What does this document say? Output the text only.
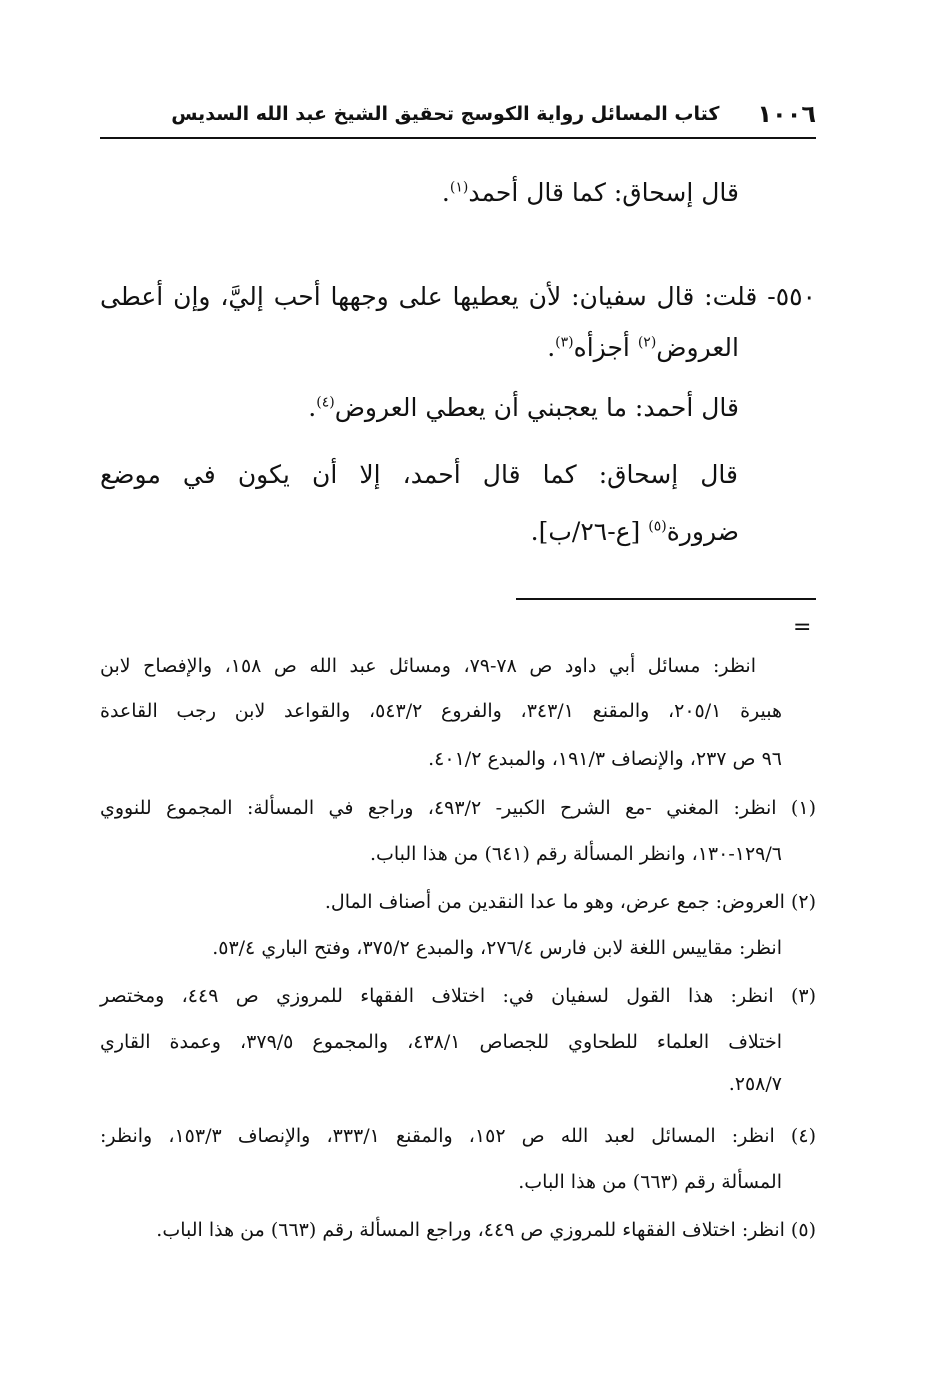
١٠٠٦
كتاب المسائل رواية الكوسج تحقيق الشيخ عبد الله السديس
قال إسحاق: كما قال أحمد$^{(١)}$.
٥٥٠- قلت: قال سفيان: لأن يعطيها على وجهها أحب إليَّ، وإن أعطى
العروض$^{(٢)}$ أجزأه$^{(٣)}$.
قال أحمد: ما يعجبني أن يعطي العروض$^{(٤)}$.
قال إسحاق: كما قال أحمد، إلا أن يكون في موضع
ضرورة$^{(٥)}$ [ع-٢٦/ب].
=
انظر: مسائل أبي داود ص ٧٨-٧٩، ومسائل عبد الله ص ١٥٨، والإفصاح لابن
هبيرة ٢٠٥/١، والمقنع ٣٤٣/١، والفروع ٥٤٣/٢، والقواعد لابن رجب القاعدة
٩٦ ص ٢٣٧، والإنصاف ١٩١/٣، والمبدع ٤٠١/٢.
(١) انظر: المغني -مع الشرح الكبير- ٤٩٣/٢، وراجع في المسألة: المجموع للنووي
١٢٩/٦-١٣٠، وانظر المسألة رقم (٦٤١) من هذا الباب.
(٢) العروض: جمع عرض، وهو ما عدا النقدين من أصناف المال.
انظر: مقاييس اللغة لابن فارس ٢٧٦/٤، والمبدع ٣٧٥/٢، وفتح الباري ٥٣/٤.
(٣) انظر: هذا القول لسفيان في: اختلاف الفقهاء للمروزي ص ٤٤٩، ومختصر
اختلاف العلماء للطحاوي للجصاص ٤٣٨/١، والمجموع ٣٧٩/٥، وعمدة القاري
٢٥٨/٧.
(٤) انظر: المسائل لعبد الله ص ١٥٢، والمقنع ٣٣٣/١، والإنصاف ١٥٣/٣، وانظر:
المسألة رقم (٦٦٣) من هذا الباب.
(٥) انظر: اختلاف الفقهاء للمروزي ص ٤٤٩، وراجع المسألة رقم (٦٦٣) من هذا الباب.
